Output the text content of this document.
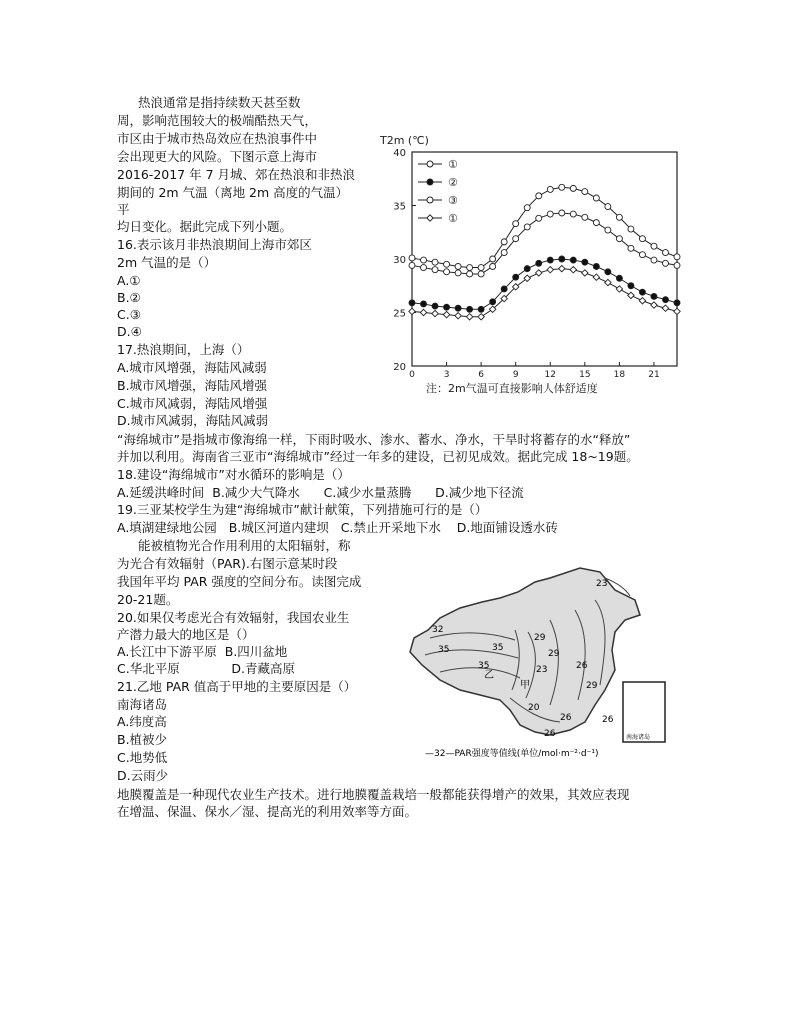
热浪通常是指持续数天甚至数
周，影响范围较大的极端酷热天气，
市区由于城市热岛效应在热浪事件中
会出现更大的风险。下图示意上海市
2016-2017 年 7 月城、郊在热浪和非热浪
期间的 2m 气温（离地 2m 高度的气温）
平
均日变化。据此完成下列小题。
16.表示该月非热浪期间上海市郊区
2m 气温的是（）
A.①
B.②
C.③
D.④
17.热浪期间，上海（）
A.城市风增强，海陆风减弱
B.城市风增强，海陆风增强
C.城市风减弱，海陆风增强
D.城市风减弱，海陆风减弱
“海绵城市”是指城市像海绵一样，下雨时吸水、渗水、蓄水、净水，干旱时将蓄存的水“释放”
并加以利用。海南省三亚市“海绵城市”经过一年多的建设，已初见成效。据此完成 18~19题。
18.建设“海绵城市”对水循环的影响是（）
A.延缓洪峰时间  B.减少大气降水      C.减少水量蒸腾      D.减少地下径流
19.三亚某校学生为建“海绵城市”献计献策，下列措施可行的是（）
A.填湖建绿地公园   B.城区河道内建坝   C.禁止开采地下水    D.地面铺设透水砖
能被植物光合作用利用的太阳辐射，称
为光合有效辐射（PAR).右图示意某时段
我国年平均 PAR 强度的空间分布。读图完成
20-21题。
20.如果仅考虑光合有效辐射，我国农业生
产潜力最大的地区是（）
A.长江中下游平原  B.四川盆地
C.华北平原             D.青藏高原
21.乙地 PAR 值高于甲地的主要原因是（）
南海诸岛
A.纬度高
B.植被少
C.地势低
D.云雨少
地膜覆盖是一种现代农业生产技术。进行地膜覆盖栽培一般都能获得增产的效果，其效应表现
在增温、保温、保水／湿、提高光的利用效率等方面。
20
25
30
35
40
0	3	6	9	12	15	18	21
T2m (℃)
注：2m气温可直接影响人体舒适度
①
②
③
①
南海诸岛
23
29
32
35	35
35
29
26
23
20
29
26
26
26
甲
乙
—32—PAR强度等值线(单位/mol·m⁻²·d⁻¹)
